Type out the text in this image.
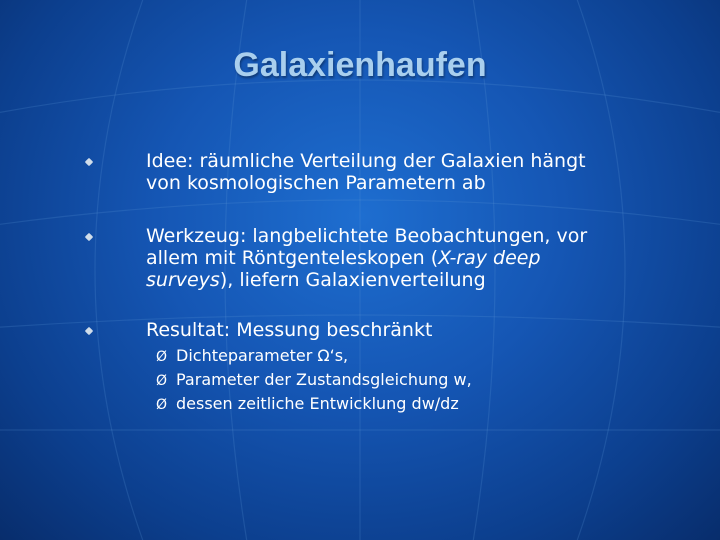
Galaxienhaufen
Idee: räumliche Verteilung der Galaxien hängt von kosmologischen Parametern ab
Werkzeug: langbelichtete Beobachtungen, vor allem mit Röntgenteleskopen (X-ray deep surveys), liefern Galaxienverteilung
Resultat: Messung beschränkt
Ø Dichteparameter Ω‘s,
Ø Parameter der Zustandsgleichung w,
Ø dessen zeitliche Entwicklung dw/dz
